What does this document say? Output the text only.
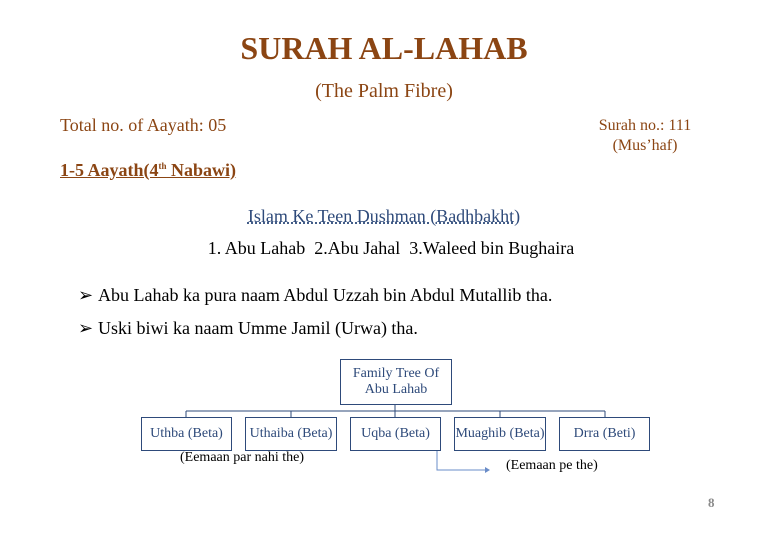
SURAH AL-LAHAB
(The Palm Fibre)
Total no. of Aayath: 05	Surah no.: 111
(Mus’haf)
1-5 Aayath(4th Nabawi)
Islam Ke Teen Dushman (Badhbakht)
1. Abu Lahab  2.Abu Jahal  3.Waleed bin Bughaira
➢ Abu Lahab ka pura naam Abdul Uzzah bin Abdul Mutallib tha.
➢ Uski biwi ka naam Umme Jamil (Urwa) tha.
Family Tree Of Abu Lahab
Uthba (Beta)	Uthaiba (Beta)	Uqba (Beta)	Muaghib (Beta)	Drra (Beti)
(Eemaan par nahi the)
(Eemaan pe the)
8
